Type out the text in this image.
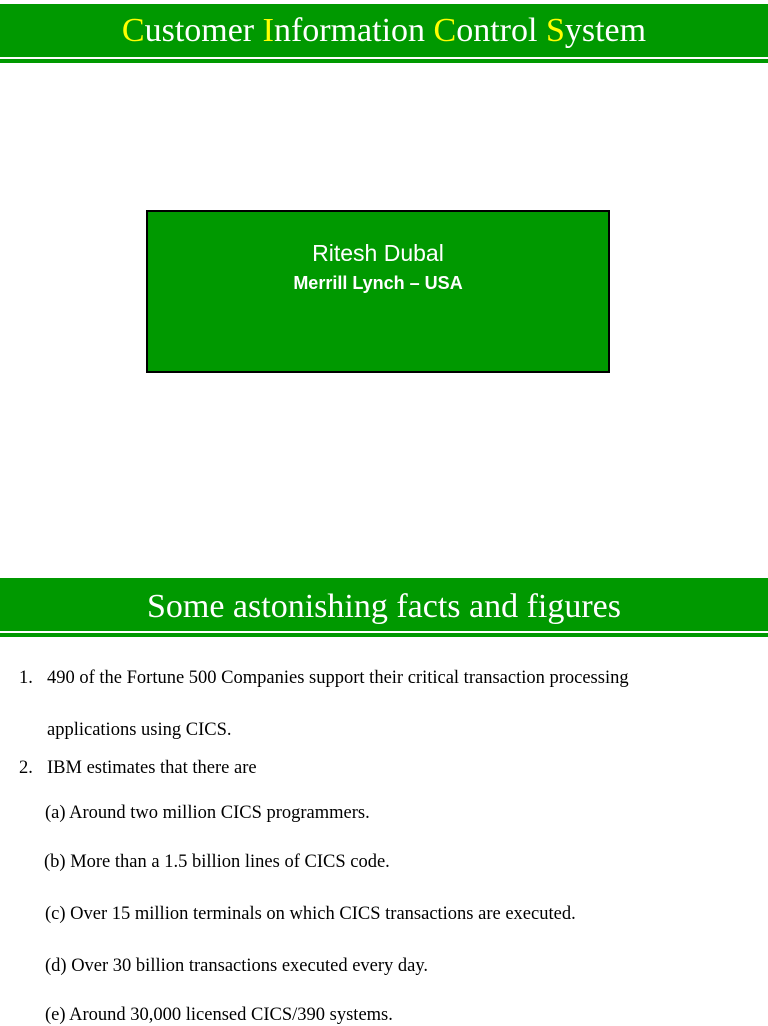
Customer Information Control System
Ritesh Dubal
Merrill Lynch – USA
Some astonishing facts and figures
1. 490 of the Fortune 500 Companies support their critical transaction processing
applications using CICS.
2. IBM estimates that there are
(a) Around two million CICS programmers.
(b) More than a 1.5 billion lines of CICS code.
(c) Over 15 million terminals on which CICS transactions are executed.
(d) Over 30 billion transactions executed every day.
(e) Around 30,000 licensed CICS/390 systems.
